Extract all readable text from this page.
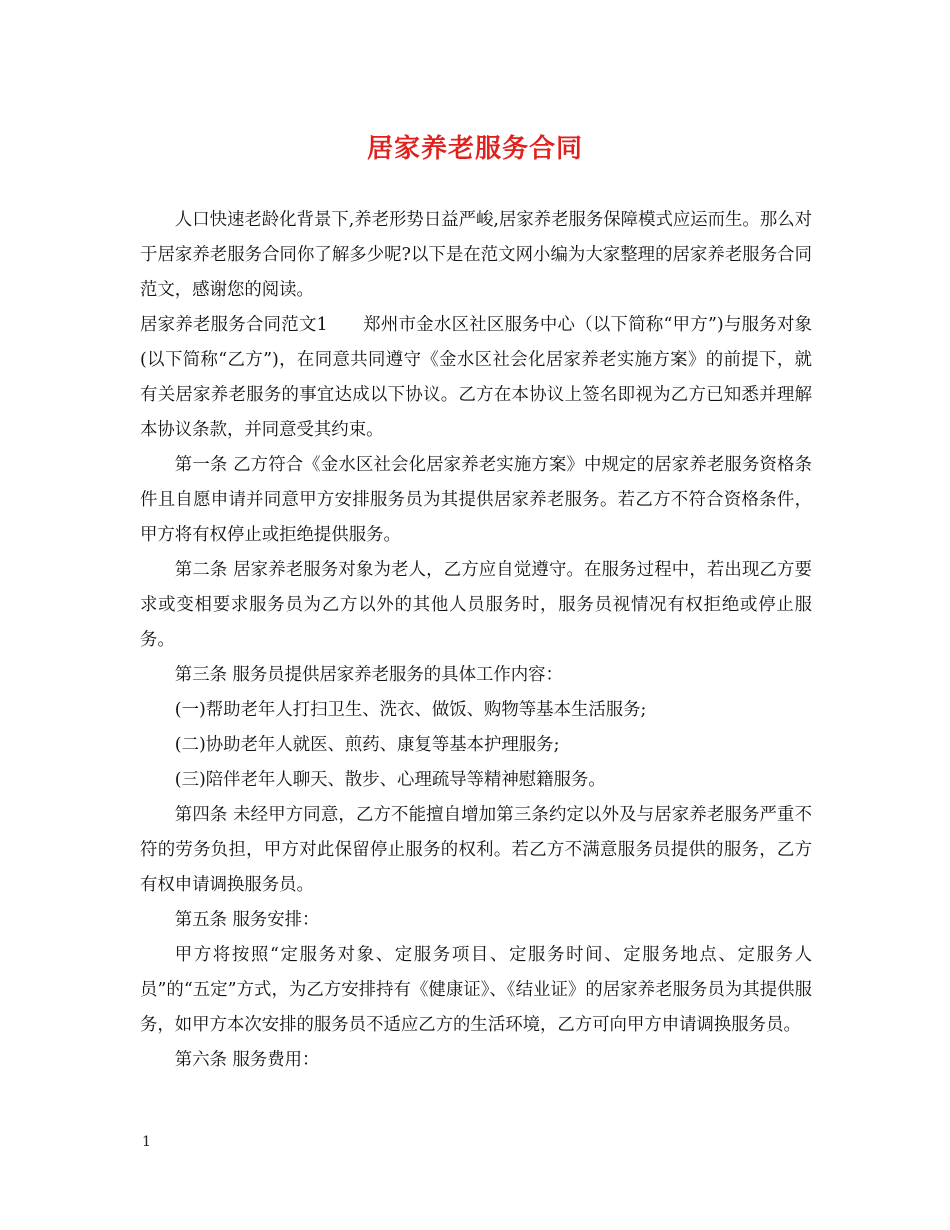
居家养老服务合同

人口快速老龄化背景下,养老形势日益严峻,居家养老服务保障模式应运而生。那么对于居家养老服务合同你了解多少呢?以下是在范文网小编为大家整理的居家养老服务合同范文，感谢您的阅读。

居家养老服务合同范文1　　郑州市金水区社区服务中心（以下简称“甲方”)与服务对象(以下简称“乙方”)，在同意共同遵守《金水区社会化居家养老实施方案》的前提下，就有关居家养老服务的事宜达成以下协议。乙方在本协议上签名即视为乙方已知悉并理解本协议条款，并同意受其约束。

第一条 乙方符合《金水区社会化居家养老实施方案》中规定的居家养老服务资格条件且自愿申请并同意甲方安排服务员为其提供居家养老服务。若乙方不符合资格条件，甲方将有权停止或拒绝提供服务。

第二条 居家养老服务对象为老人，乙方应自觉遵守。在服务过程中，若出现乙方要求或变相要求服务员为乙方以外的其他人员服务时，服务员视情况有权拒绝或停止服务。

第三条 服务员提供居家养老服务的具体工作内容：

(一)帮助老年人打扫卫生、洗衣、做饭、购物等基本生活服务;

(二)协助老年人就医、煎药、康复等基本护理服务;

(三)陪伴老年人聊天、散步、心理疏导等精神慰籍服务。

第四条 未经甲方同意，乙方不能擅自增加第三条约定以外及与居家养老服务严重不符的劳务负担，甲方对此保留停止服务的权利。若乙方不满意服务员提供的服务，乙方有权申请调换服务员。

第五条 服务安排：

甲方将按照“定服务对象、定服务项目、定服务时间、定服务地点、定服务人员”的“五定”方式，为乙方安排持有《健康证》、《结业证》的居家养老服务员为其提供服务，如甲方本次安排的服务员不适应乙方的生活环境，乙方可向甲方申请调换服务员。

第六条 服务费用：

1
